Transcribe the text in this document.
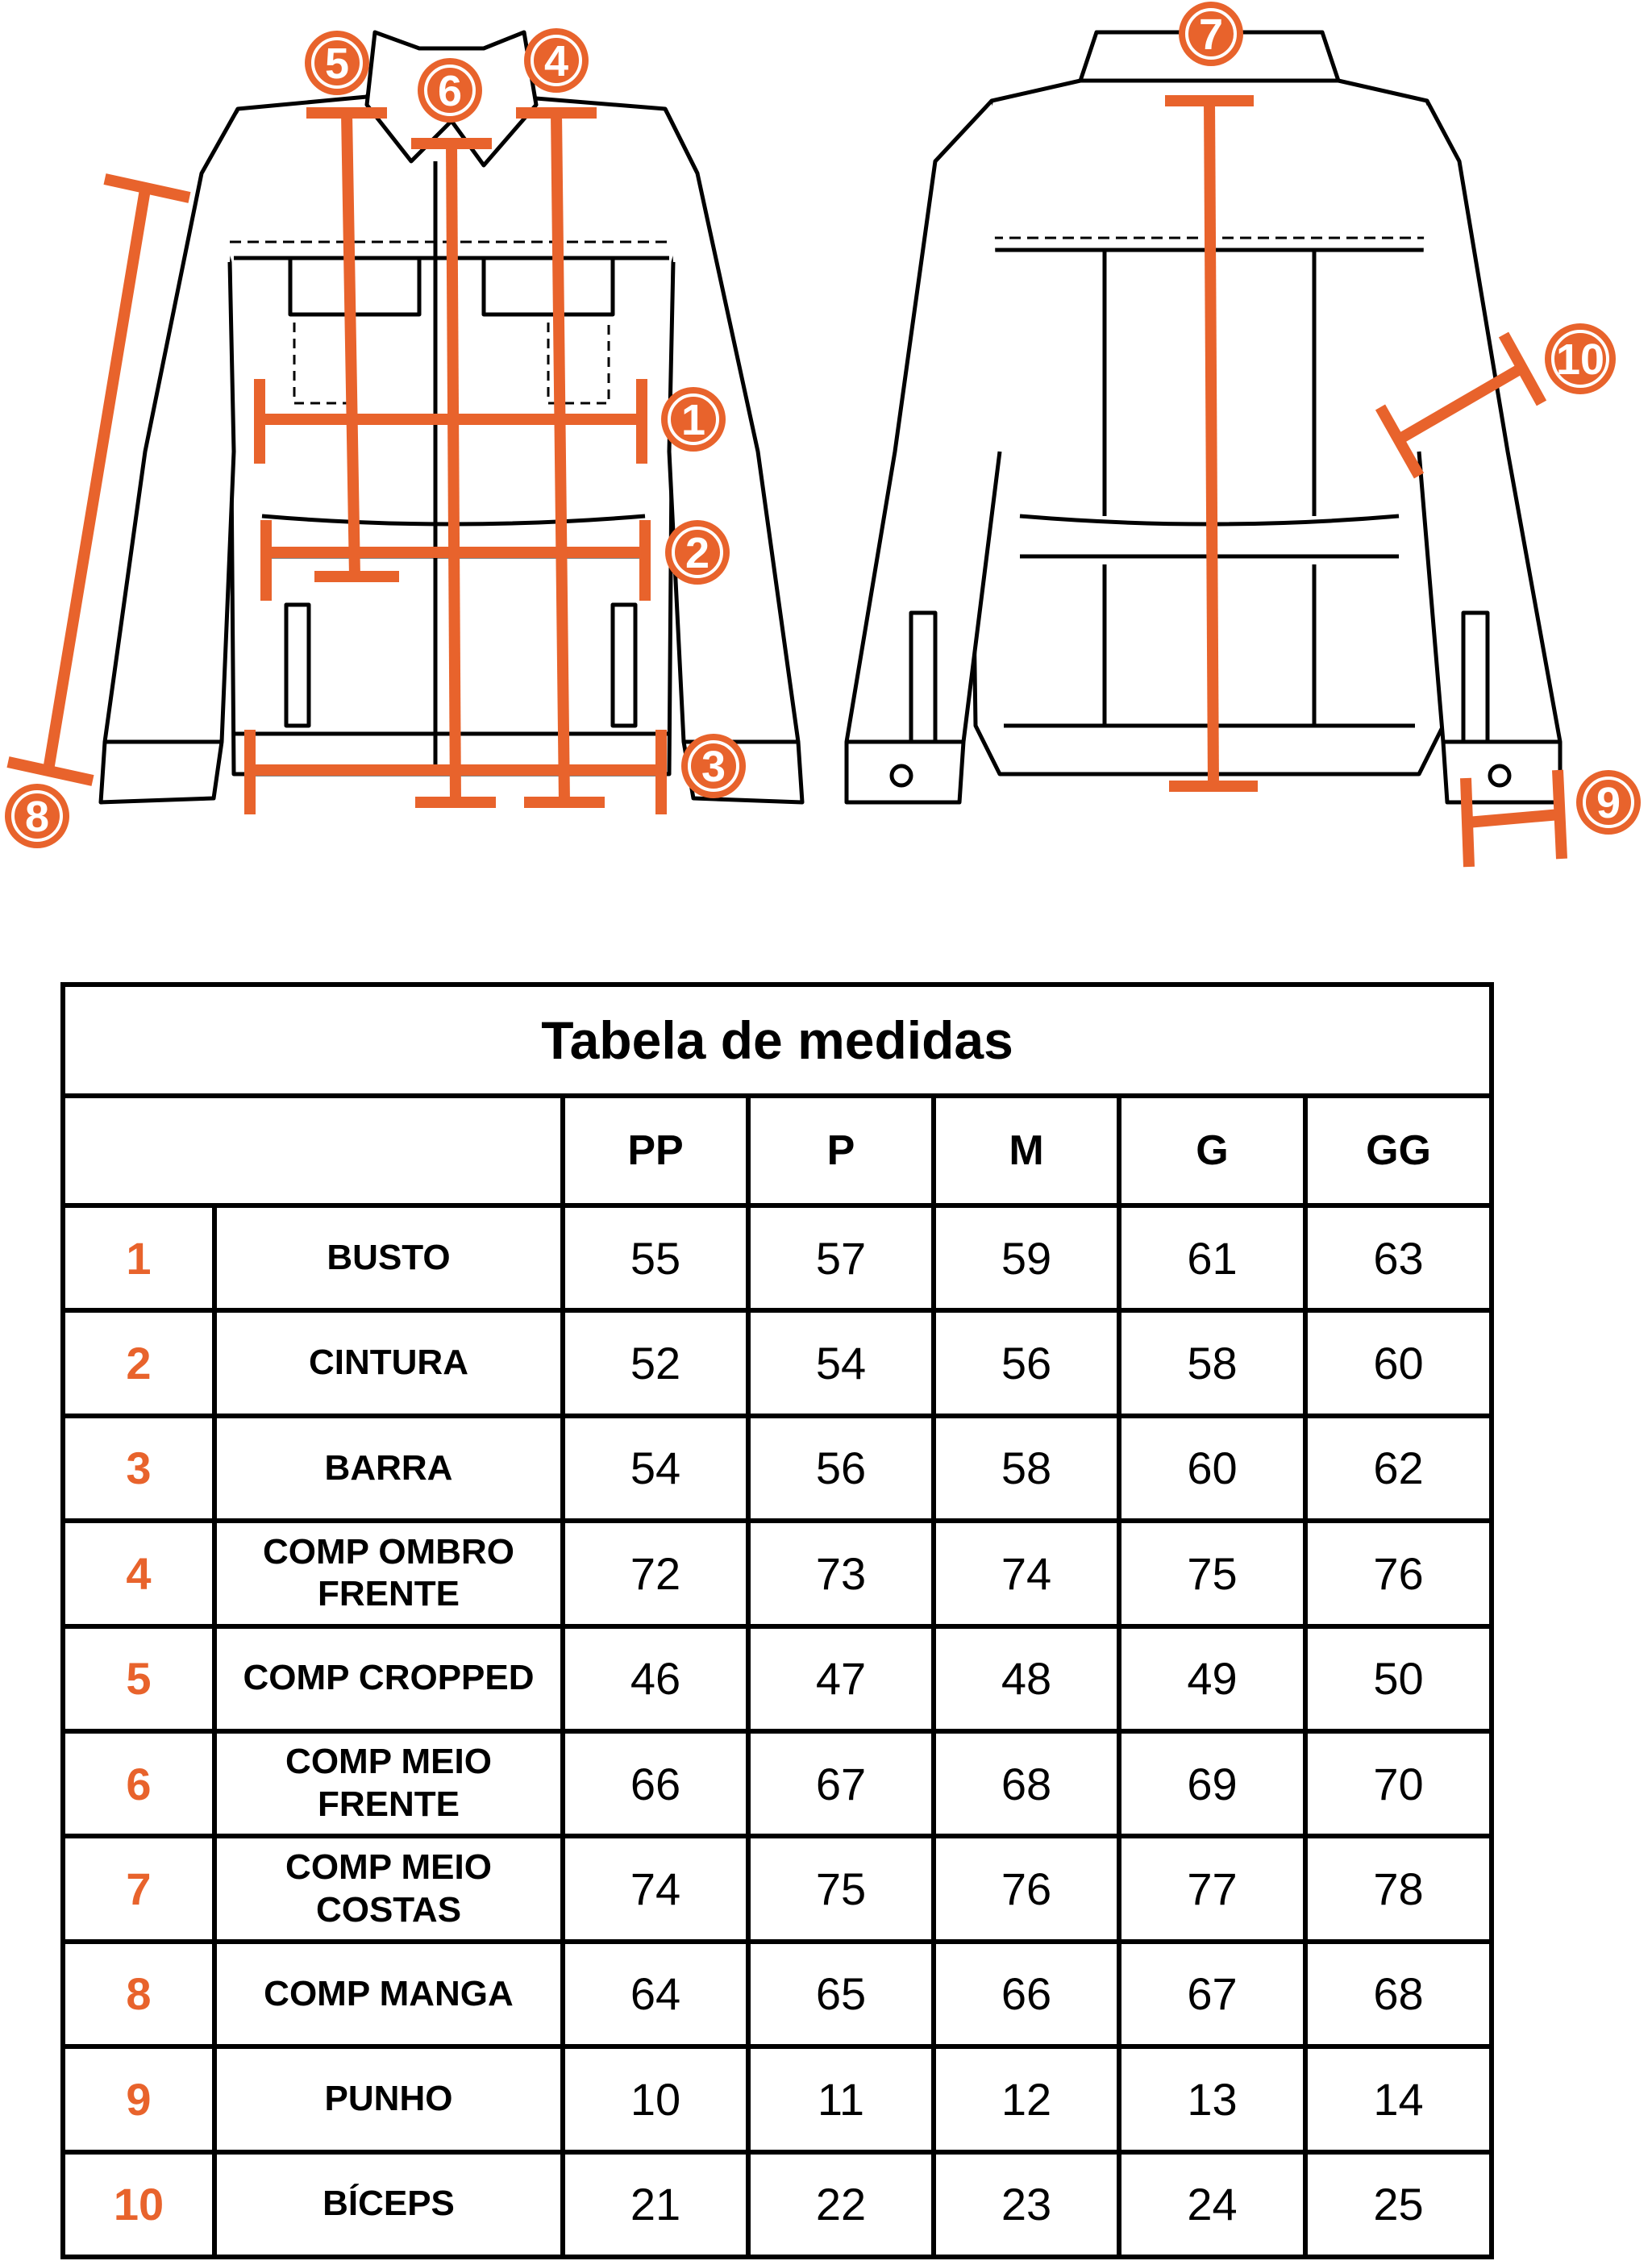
1
2
3
4
5
6
7
8	9
10
Tabela de medidas						
		PP	P	M	G	GG
1	BUSTO	55	57	59	61	63
2	CINTURA	52	54	56	58	60
3	BARRA	54	56	58	60	62
4	COMP OMBRO FRENTE	72	73	74	75	76
5	COMP CROPPED	46	47	48	49	50
6	COMP MEIO FRENTE	66	67	68	69	70
7	COMP MEIO COSTAS	74	75	76	77	78
8	COMP MANGA	64	65	66	67	68
9	PUNHO	10	11	12	13	14
10	BÍCEPS	21	22	23	24	25
